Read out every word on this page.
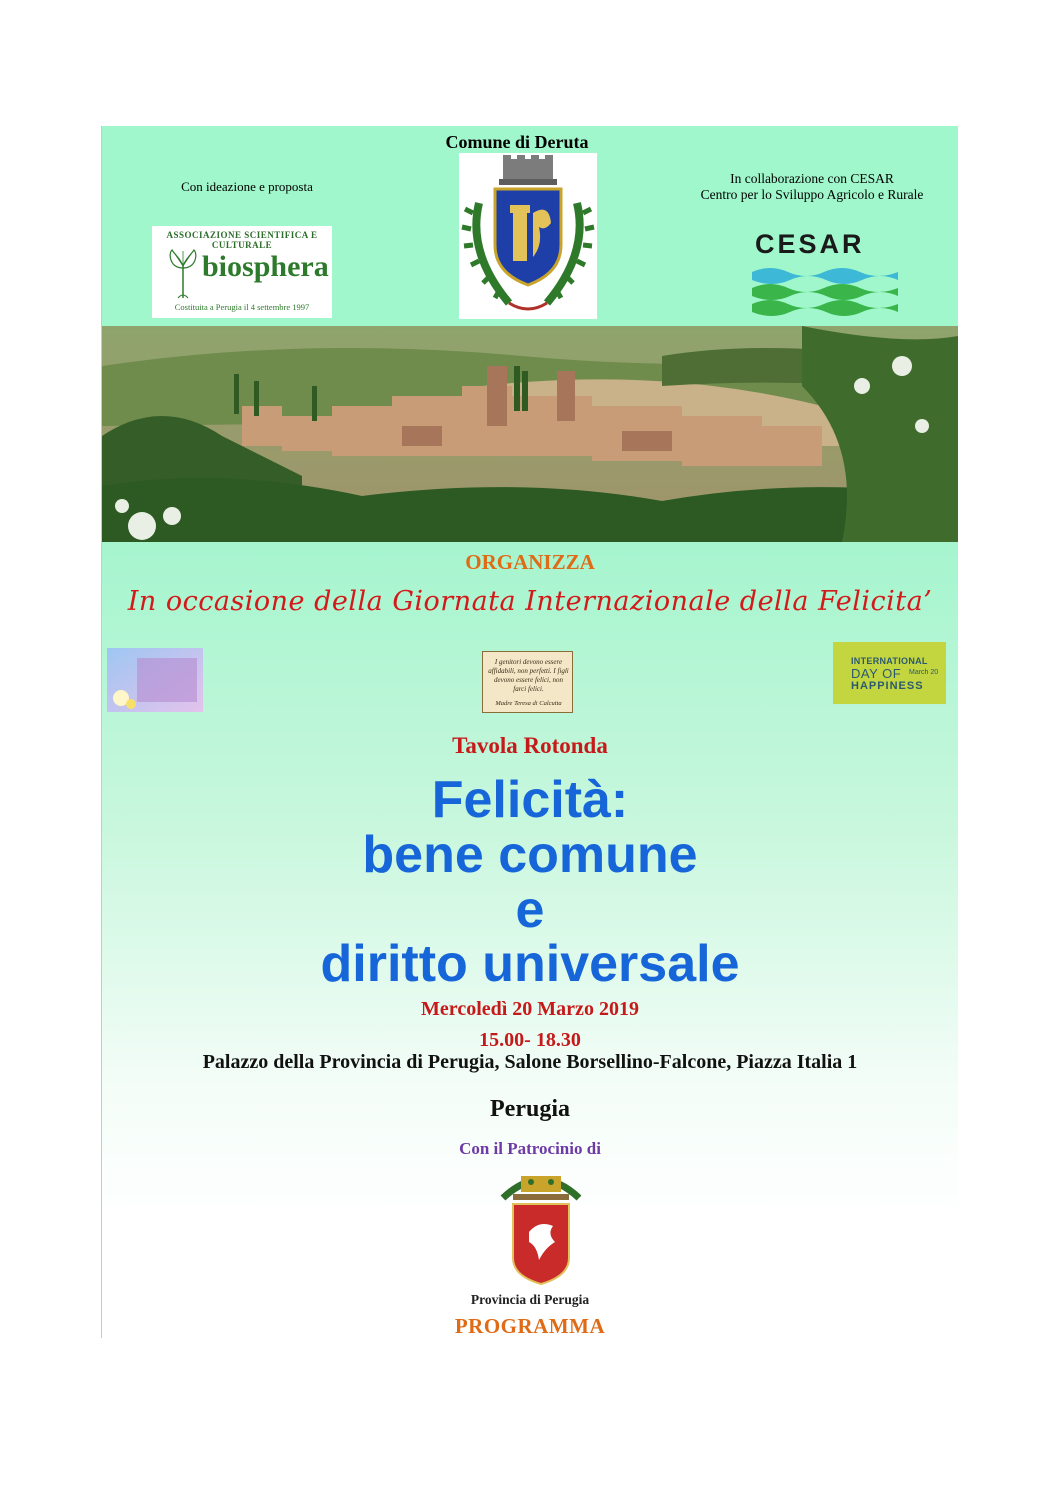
Comune di Deruta
Con ideazione e proposta
In collaborazione con CESAR
Centro per lo Sviluppo Agricolo e Rurale
ASSOCIAZIONE SCIENTIFICA E CULTURALE
biosphera
Costituita a Perugia il 4 settembre 1997
CESAR
ORGANIZZA
In occasione della Giornata Internazionale della Felicita’
I genitori devono essere affidabili, non perfetti. I figli devono essere felici, non farci felici.
Madre Teresa di Calcutta
INTERNATIONAL
DAY OF March 20
HAPPINESS
Tavola Rotonda
Felicità:
bene comune
e
diritto universale
Mercoledì 20 Marzo 2019
15.00- 18.30
Palazzo della Provincia di Perugia, Salone Borsellino-Falcone, Piazza Italia 1
Perugia
Con il Patrocinio di
Provincia di Perugia
PROGRAMMA
